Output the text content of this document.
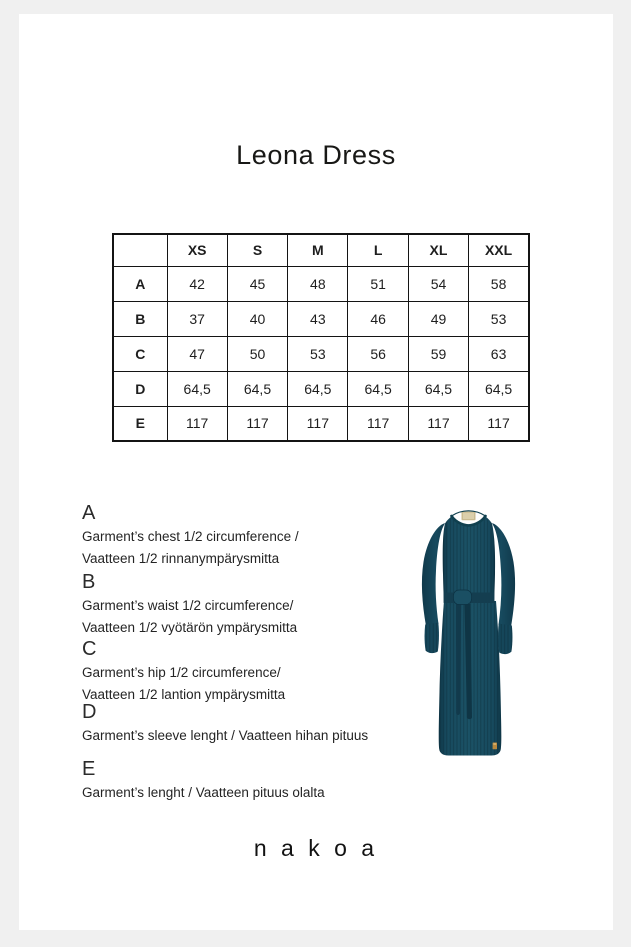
Leona Dress
	XS	S	M	L	XL	XXL
A	42	45	48	51	54	58
B	37	40	43	46	49	53
C	47	50	53	56	59	63
D	64,5	64,5	64,5	64,5	64,5	64,5
E	117	117	117	117	117	117
A
Garment’s chest 1/2 circumference /
Vaatteen 1/2 rinnanympärysmitta
B
Garment’s waist 1/2 circumference/
Vaatteen 1/2 vyötärön ympärysmitta
C
Garment’s hip 1/2 circumference/
Vaatteen 1/2 lantion ympärysmitta
D
Garment’s sleeve lenght / Vaatteen hihan pituus
E
Garment’s lenght / Vaatteen pituus olalta
n a k o a
